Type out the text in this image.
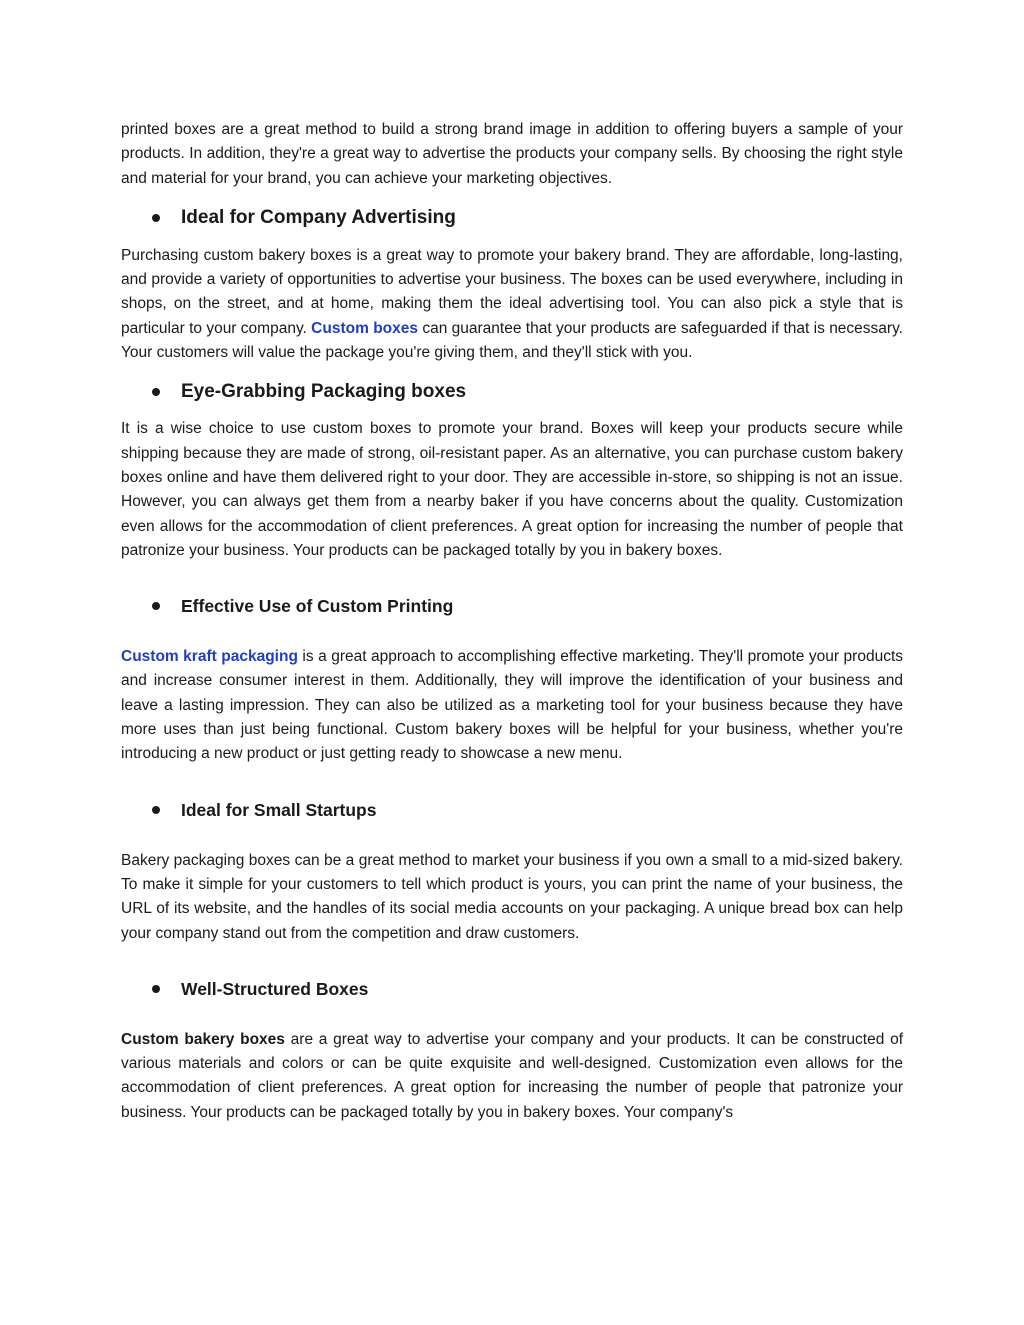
printed boxes are a great method to build a strong brand image in addition to offering buyers a sample of your products. In addition, they're a great way to advertise the products your company sells. By choosing the right style and material for your brand, you can achieve your marketing objectives.

Ideal for Company Advertising

Purchasing custom bakery boxes is a great way to promote your bakery brand. They are affordable, long-lasting, and provide a variety of opportunities to advertise your business. The boxes can be used everywhere, including in shops, on the street, and at home, making them the ideal advertising tool. You can also pick a style that is particular to your company. Custom boxes can guarantee that your products are safeguarded if that is necessary. Your customers will value the package you're giving them, and they'll stick with you.

Eye-Grabbing Packaging boxes

It is a wise choice to use custom boxes to promote your brand. Boxes will keep your products secure while shipping because they are made of strong, oil-resistant paper. As an alternative, you can purchase custom bakery boxes online and have them delivered right to your door. They are accessible in-store, so shipping is not an issue. However, you can always get them from a nearby baker if you have concerns about the quality. Customization even allows for the accommodation of client preferences. A great option for increasing the number of people that patronize your business. Your products can be packaged totally by you in bakery boxes.

Effective Use of Custom Printing

Custom kraft packaging is a great approach to accomplishing effective marketing. They'll promote your products and increase consumer interest in them. Additionally, they will improve the identification of your business and leave a lasting impression. They can also be utilized as a marketing tool for your business because they have more uses than just being functional. Custom bakery boxes will be helpful for your business, whether you're introducing a new product or just getting ready to showcase a new menu.

Ideal for Small Startups

Bakery packaging boxes can be a great method to market your business if you own a small to a mid-sized bakery. To make it simple for your customers to tell which product is yours, you can print the name of your business, the URL of its website, and the handles of its social media accounts on your packaging. A unique bread box can help your company stand out from the competition and draw customers.

Well-Structured Boxes

Custom bakery boxes are a great way to advertise your company and your products. It can be constructed of various materials and colors or can be quite exquisite and well-designed. Customization even allows for the accommodation of client preferences. A great option for increasing the number of people that patronize your business. Your products can be packaged totally by you in bakery boxes. Your company's
